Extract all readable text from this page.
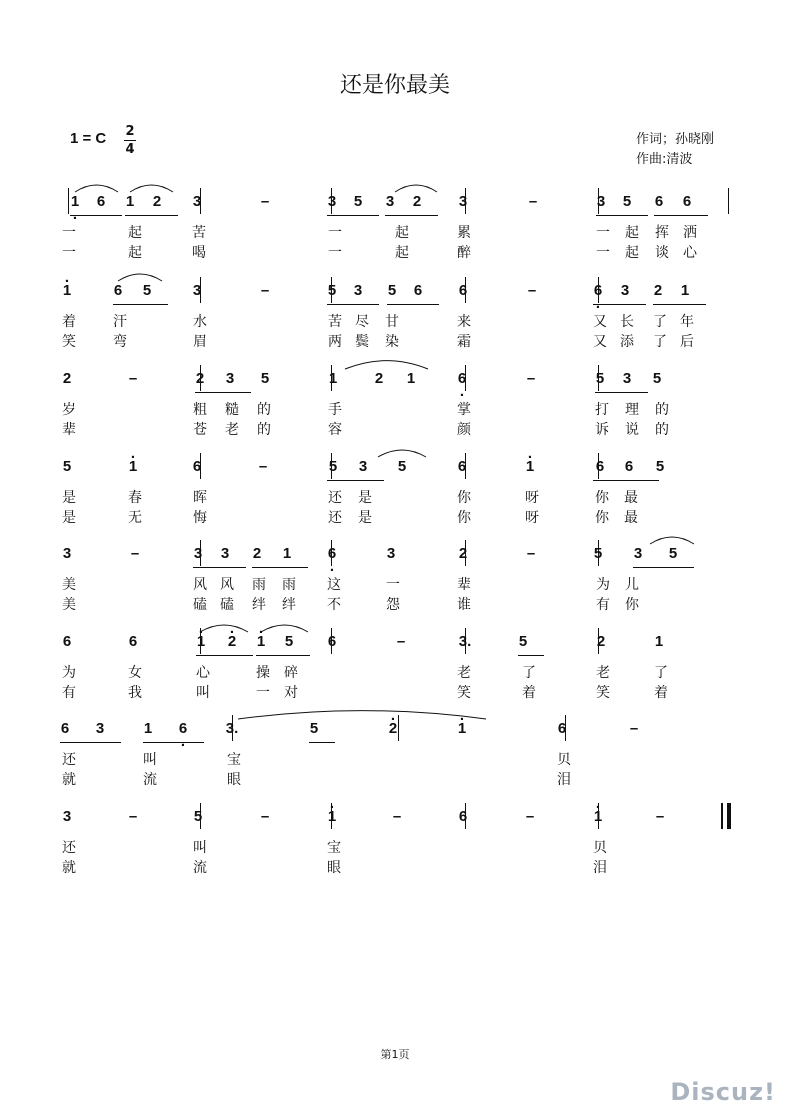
还是你最美
1 = C 2
4
作词；孙晓刚
作曲:清波
1	6	1	2	3	–	3	5	3	2	3	–	3	5	6	6
一	起	苦	一	起	累	一	起	挥	洒
一	起	喝	一	起	醉	一	起	谈	心
1
.
6	5	3	–	5	3	5	6	6	–	6	3	2	1
着	汗	水	苦 尽	甘	来	又 长	了 年
笑	弯	眉	两 鬓	染	霜	又 添	了 后
2	–	2	3	5	1	2	1	6
.
–	5	3	5
岁	粗	糙	的	手	掌	打	理	的
辈	苍	老	的	容	颜	诉	说	的
5	1
.
6	–	5	3	5	6	1
.
6	6	5
是	春	晖	还	是	你	呀	你	最
是	无	悔	还	是	你	呀	你	最
3	–	3	3	2	1	6
.
3	2	–	5	3	5
美	风 风	雨	雨	这	一	辈	为	儿
美	磕 磕	绊	绊	不	怨	谁	有	你
6	6	1
.
2
.
1
.
5	6	–	3.	5	2	1
为	女	心	操	碎	老	了	老	了
有	我	叫	一	对	笑	着	笑	着
6	3	1	6	3.	5	2
.
1
.
6	–
还	叫	宝	贝
就	流	眼	泪
3	–	5	–	1
.
–	6	–	1
.
–
还	叫	宝	贝
就	流	眼	泪
第1页
Discuz!
